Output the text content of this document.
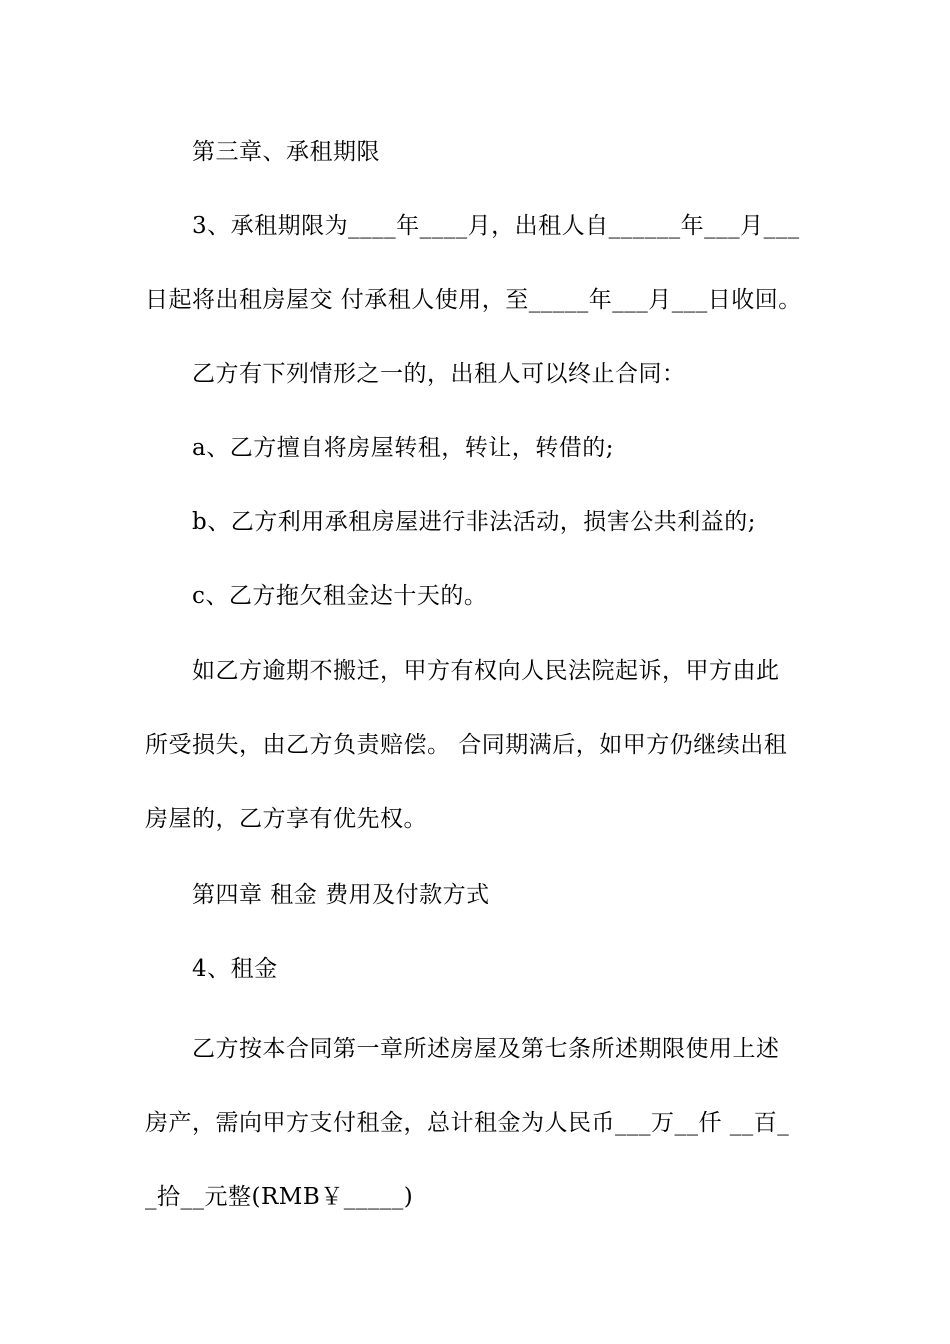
第三章、承租期限
3、承租期限为____年____月，出租人自______年___月___
日起将出租房屋交 付承租人使用，至_____年___月___日收回。
乙方有下列情形之一的，出租人可以终止合同：
a、乙方擅自将房屋转租，转让，转借的;
b、乙方利用承租房屋进行非法活动，损害公共利益的;
c、乙方拖欠租金达十天的。
如乙方逾期不搬迁，甲方有权向人民法院起诉，甲方由此
所受损失，由乙方负责赔偿。 合同期满后，如甲方仍继续出租
房屋的，乙方享有优先权。
第四章 租金 费用及付款方式
4、租金
乙方按本合同第一章所述房屋及第七条所述期限使用上述
房产，需向甲方支付租金，总计租金为人民币___万__仟 __百_
_拾__元整(RMB￥_____)
